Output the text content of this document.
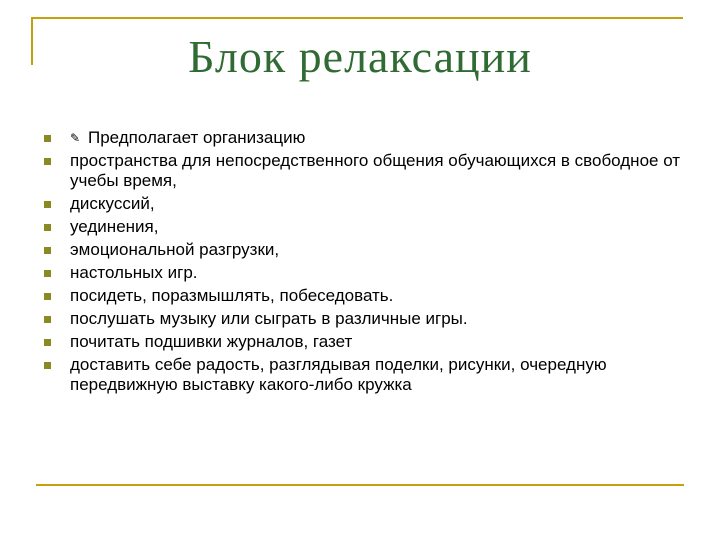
Блок релаксации
✎ Предполагает организацию
пространства для непосредственного общения обучающихся в свободное от учебы время,
дискуссий,
уединения,
эмоциональной разгрузки,
настольных игр.
посидеть, поразмышлять, побеседовать.
послушать музыку или сыграть в различные игры.
почитать подшивки журналов, газет
доставить себе радость, разглядывая поделки, рисунки, очередную передвижную выставку какого-либо кружка
